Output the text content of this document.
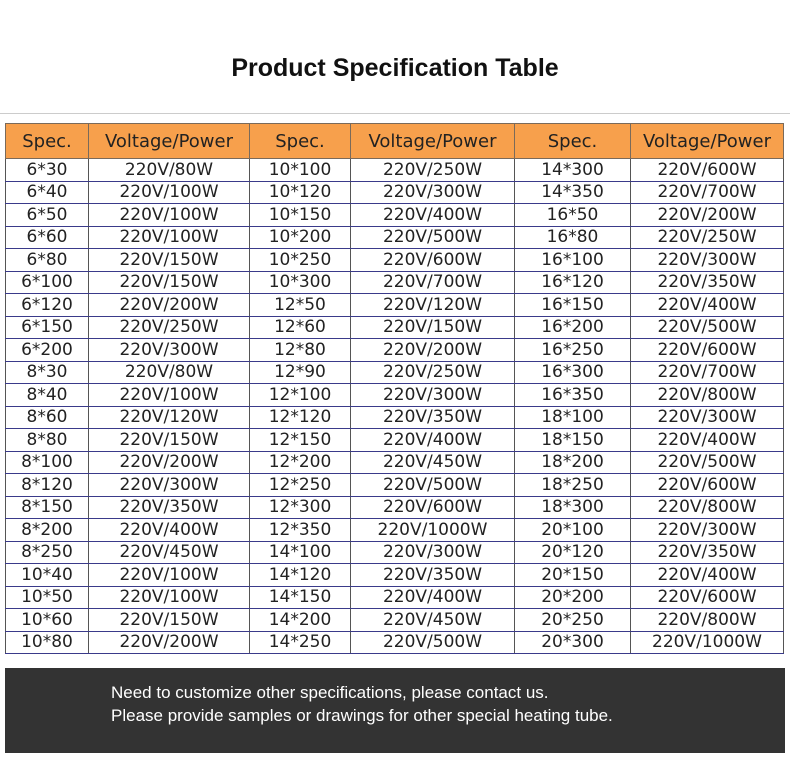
Product Specification Table
Spec.	Voltage/Power	Spec.	Voltage/Power	Spec.	Voltage/Power
6*30	220V/80W	10*100	220V/250W	14*300	220V/600W
6*40	220V/100W	10*120	220V/300W	14*350	220V/700W
6*50	220V/100W	10*150	220V/400W	16*50	220V/200W
6*60	220V/100W	10*200	220V/500W	16*80	220V/250W
6*80	220V/150W	10*250	220V/600W	16*100	220V/300W
6*100	220V/150W	10*300	220V/700W	16*120	220V/350W
6*120	220V/200W	12*50	220V/120W	16*150	220V/400W
6*150	220V/250W	12*60	220V/150W	16*200	220V/500W
6*200	220V/300W	12*80	220V/200W	16*250	220V/600W
8*30	220V/80W	12*90	220V/250W	16*300	220V/700W
8*40	220V/100W	12*100	220V/300W	16*350	220V/800W
8*60	220V/120W	12*120	220V/350W	18*100	220V/300W
8*80	220V/150W	12*150	220V/400W	18*150	220V/400W
8*100	220V/200W	12*200	220V/450W	18*200	220V/500W
8*120	220V/300W	12*250	220V/500W	18*250	220V/600W
8*150	220V/350W	12*300	220V/600W	18*300	220V/800W
8*200	220V/400W	12*350	220V/1000W	20*100	220V/300W
8*250	220V/450W	14*100	220V/300W	20*120	220V/350W
10*40	220V/100W	14*120	220V/350W	20*150	220V/400W
10*50	220V/100W	14*150	220V/400W	20*200	220V/600W
10*60	220V/150W	14*200	220V/450W	20*250	220V/800W
10*80	220V/200W	14*250	220V/500W	20*300	220V/1000W
Need to customize other specifications, please contact us.
Please provide samples or drawings for other special heating tube.
